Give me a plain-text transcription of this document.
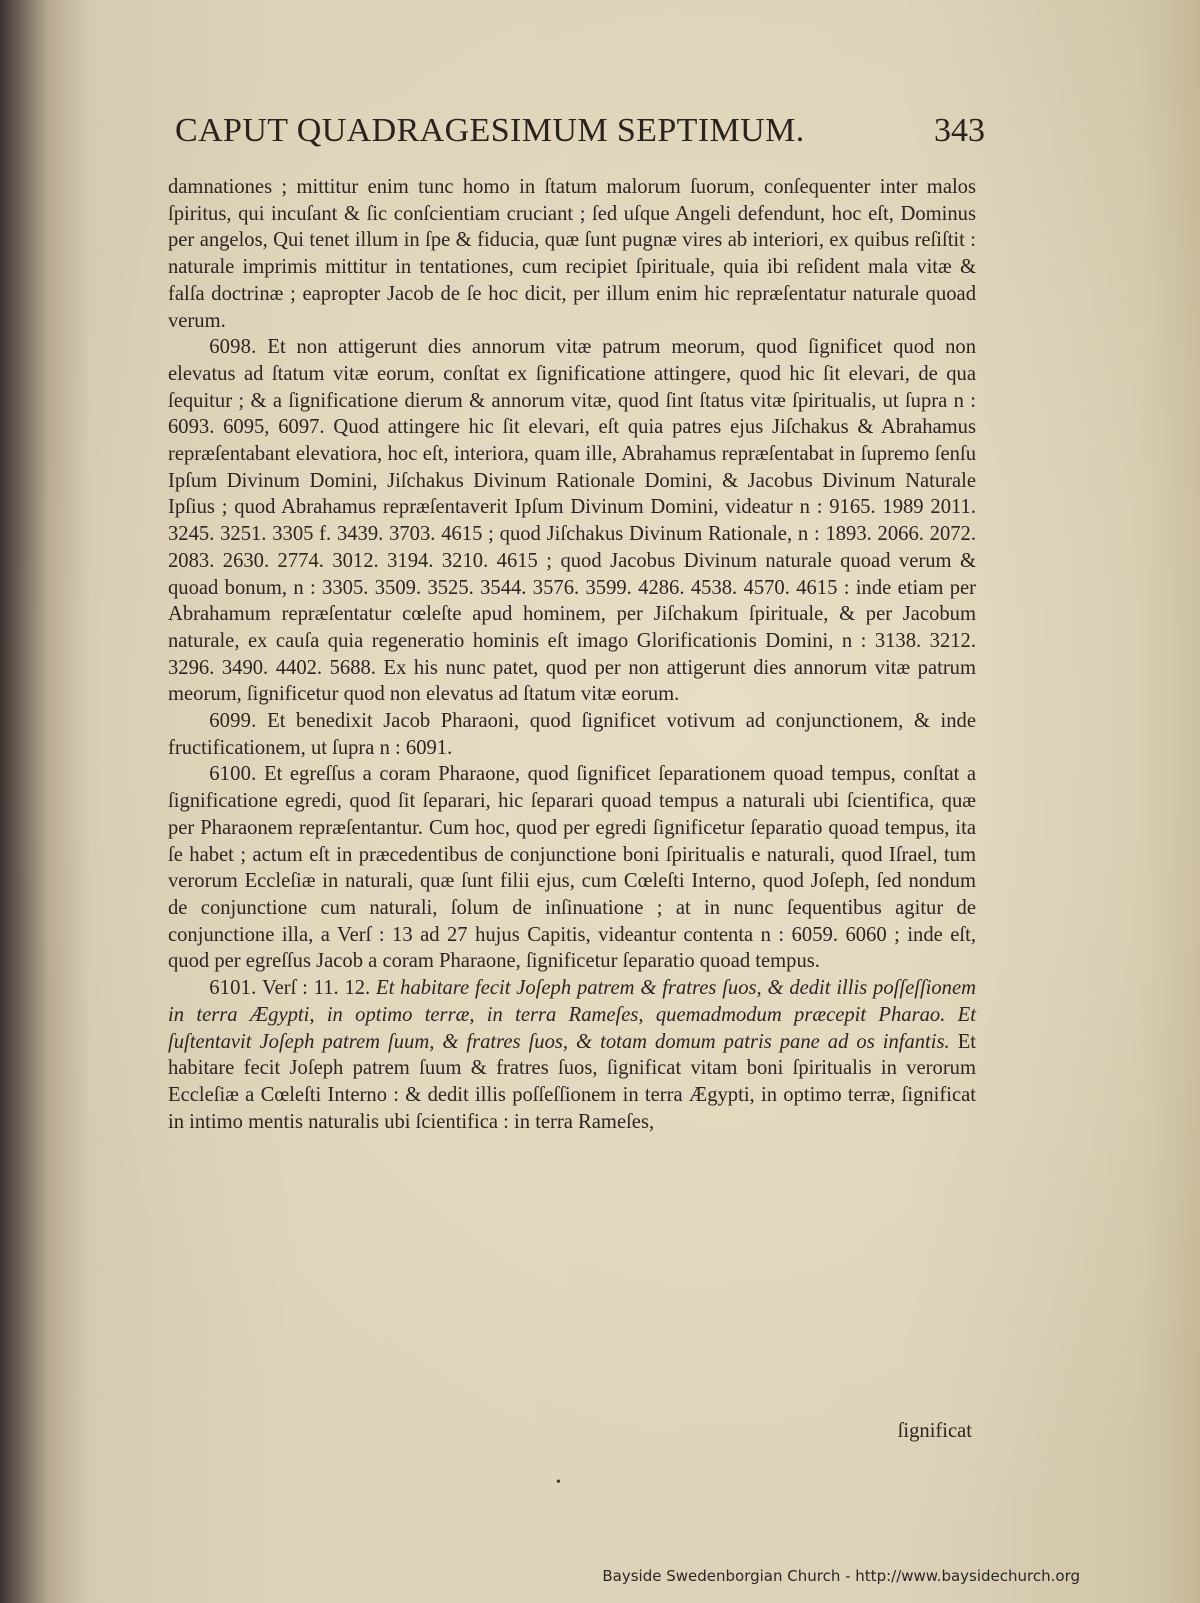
CAPUT QUADRAGESIMUM SEPTIMUM.	343

damnationes ; mittitur enim tunc homo in ſtatum malorum ſuorum, conſequenter inter malos ſpiritus, qui incuſant & ſic conſcientiam cruciant ; ſed uſque Angeli defendunt, hoc eſt, Dominus per angelos, Qui tenet illum in ſpe & fiducia, quæ ſunt pugnæ vires ab interiori, ex quibus reſiſtit : naturale imprimis mittitur in tentationes, cum recipiet ſpirituale, quia ibi reſident mala vitæ & falſa doctrinæ ; eapropter Jacob de ſe hoc dicit, per illum enim hic repræſentatur naturale quoad verum.

6098. Et non attigerunt dies annorum vitæ patrum meorum, quod ſignificet quod non elevatus ad ſtatum vitæ eorum, conſtat ex ſignificatione attingere, quod hic ſit elevari, de qua ſequitur ; & a ſignificatione dierum & annorum vitæ, quod ſint ſtatus vitæ ſpiritualis, ut ſupra n : 6093. 6095, 6097. Quod attingere hic ſit elevari, eſt quia patres ejus Jiſchakus & Abrahamus repræſentabant elevatiora, hoc eſt, interiora, quam ille, Abrahamus repræſentabat in ſupremo ſenſu Ipſum Divinum Domini, Jiſchakus Divinum Rationale Domini, & Jacobus Divinum Naturale Ipſius ; quod Abrahamus repræſentaverit Ipſum Divinum Domini, videatur n : 9165. 1989 2011. 3245. 3251. 3305 f. 3439. 3703. 4615 ; quod Jiſchakus Divinum Rationale, n : 1893. 2066. 2072. 2083. 2630. 2774. 3012. 3194. 3210. 4615 ; quod Jacobus Divinum naturale quoad verum & quoad bonum, n : 3305. 3509. 3525. 3544. 3576. 3599. 4286. 4538. 4570. 4615 : inde etiam per Abrahamum repræſentatur cœleſte apud hominem, per Jiſchakum ſpirituale, & per Jacobum naturale, ex cauſa quia regeneratio hominis eſt imago Glorificationis Domini, n : 3138. 3212. 3296. 3490. 4402. 5688. Ex his nunc patet, quod per non attigerunt dies annorum vitæ patrum meorum, ſignificetur quod non elevatus ad ſtatum vitæ eorum.

6099. Et benedixit Jacob Pharaoni, quod ſignificet votivum ad conjunctionem, & inde fructificationem, ut ſupra n : 6091.

6100. Et egreſſus a coram Pharaone, quod ſignificet ſeparationem quoad tempus, conſtat a ſignificatione egredi, quod ſit ſeparari, hic ſeparari quoad tempus a naturali ubi ſcientifica, quæ per Pharaonem repræſentantur. Cum hoc, quod per egredi ſignificetur ſeparatio quoad tempus, ita ſe habet ; actum eſt in præcedentibus de conjunctione boni ſpiritualis e naturali, quod Iſrael, tum verorum Eccleſiæ in naturali, quæ ſunt filii ejus, cum Cœleſti Interno, quod Joſeph, ſed nondum de conjunctione cum naturali, ſolum de inſinuatione ; at in nunc ſequentibus agitur de conjunctione illa, a Verſ : 13 ad 27 hujus Capitis, videantur contenta n : 6059. 6060 ; inde eſt, quod per egreſſus Jacob a coram Pharaone, ſignificetur ſeparatio quoad tempus.

6101. Verſ : 11. 12. Et habitare fecit Joſeph patrem & fratres ſuos, & dedit illis poſſeſſionem in terra Ægypti, in optimo terræ, in terra Rameſes, quemadmodum præcepit Pharao. Et ſuſtentavit Joſeph patrem ſuum, & fratres ſuos, & totam domum patris pane ad os infantis. Et habitare fecit Joſeph patrem ſuum & fratres ſuos, ſignificat vitam boni ſpiritualis in verorum Eccleſiæ a Cœleſti Interno : & dedit illis poſſeſſionem in terra Ægypti, in optimo terræ, ſignificat in intimo mentis naturalis ubi ſcientifica : in terra Rameſes,

ſignificat
•
Bayside Swedenborgian Church - http://www.baysidechurch.org
